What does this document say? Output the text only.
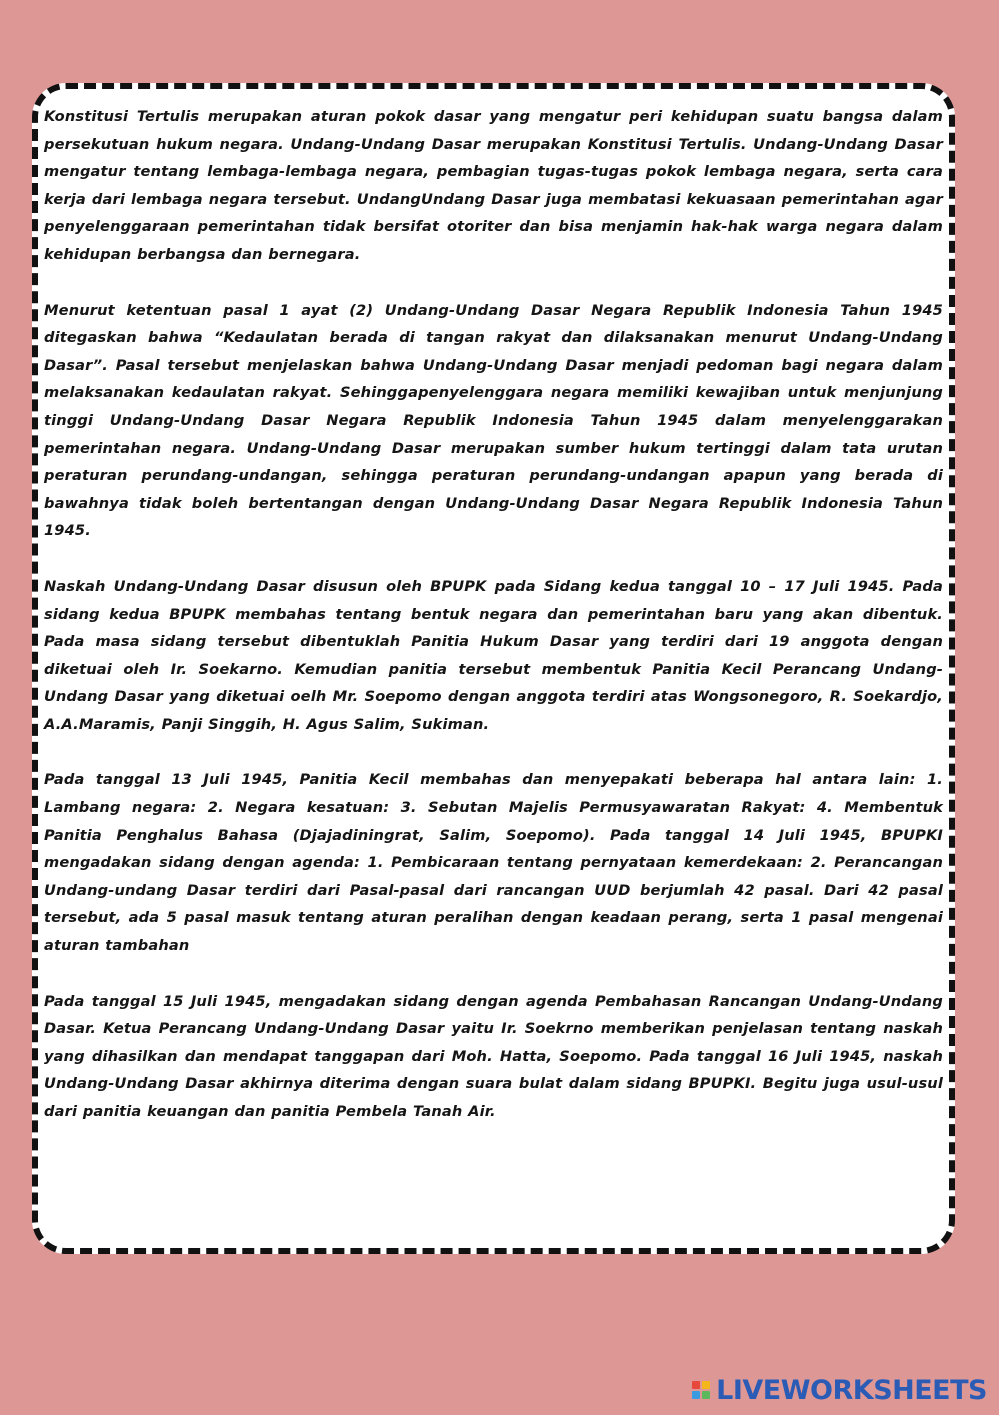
Konstitusi Tertulis merupakan aturan pokok dasar yang mengatur peri kehidupan suatu bangsa dalam persekutuan hukum negara. Undang-Undang Dasar merupakan Konstitusi Tertulis. Undang-Undang Dasar mengatur tentang lembaga-lembaga negara, pembagian tugas-tugas pokok lembaga negara, serta cara kerja dari lembaga negara tersebut. UndangUndang Dasar juga membatasi kekuasaan pemerintahan agar penyelenggaraan pemerintahan tidak bersifat otoriter dan bisa menjamin hak-hak warga negara dalam kehidupan berbangsa dan bernegara.

Menurut ketentuan pasal 1 ayat (2) Undang-Undang Dasar Negara Republik Indonesia Tahun 1945 ditegaskan bahwa “Kedaulatan berada di tangan rakyat dan dilaksanakan menurut Undang-Undang Dasar”. Pasal tersebut menjelaskan bahwa Undang-Undang Dasar menjadi pedoman bagi negara dalam melaksanakan kedaulatan rakyat. Sehinggapenyelenggara negara memiliki kewajiban untuk menjunjung tinggi Undang-Undang Dasar Negara Republik Indonesia Tahun 1945 dalam menyelenggarakan pemerintahan negara. Undang-Undang Dasar merupakan sumber hukum tertinggi dalam tata urutan peraturan perundang-undangan, sehingga peraturan perundang-undangan apapun yang berada di bawahnya tidak boleh bertentangan dengan Undang-Undang Dasar Negara Republik Indonesia Tahun 1945.

Naskah Undang-Undang Dasar disusun oleh BPUPK pada Sidang kedua tanggal 10 – 17 Juli 1945. Pada sidang kedua BPUPK membahas tentang bentuk negara dan pemerintahan baru yang akan dibentuk. Pada masa sidang tersebut dibentuklah Panitia Hukum Dasar yang terdiri dari 19 anggota dengan diketuai oleh Ir. Soekarno. Kemudian panitia tersebut membentuk Panitia Kecil Perancang Undang-Undang Dasar yang diketuai oelh Mr. Soepomo dengan anggota terdiri atas Wongsonegoro, R. Soekardjo, A.A.Maramis, Panji Singgih, H. Agus Salim, Sukiman.

Pada tanggal 13 Juli 1945, Panitia Kecil membahas dan menyepakati beberapa hal antara lain: 1. Lambang negara: 2. Negara kesatuan: 3. Sebutan Majelis Permusyawaratan Rakyat: 4. Membentuk Panitia Penghalus Bahasa (Djajadiningrat, Salim, Soepomo). Pada tanggal 14 Juli 1945, BPUPKI mengadakan sidang dengan agenda: 1. Pembicaraan tentang pernyataan kemerdekaan: 2. Perancangan Undang-undang Dasar terdiri dari Pasal-pasal dari rancangan UUD berjumlah 42 pasal. Dari 42 pasal tersebut, ada 5 pasal masuk tentang aturan peralihan dengan keadaan perang, serta 1 pasal mengenai aturan tambahan

Pada tanggal 15 Juli 1945, mengadakan sidang dengan agenda Pembahasan Rancangan Undang-Undang Dasar. Ketua Perancang Undang-Undang Dasar yaitu Ir. Soekrno memberikan penjelasan tentang naskah yang dihasilkan dan mendapat tanggapan dari Moh. Hatta, Soepomo. Pada tanggal 16 Juli 1945, naskah Undang-Undang Dasar akhirnya diterima dengan suara bulat dalam sidang BPUPKI. Begitu juga usul-usul dari panitia keuangan dan panitia Pembela Tanah Air.

LIVEWORKSHEETS
